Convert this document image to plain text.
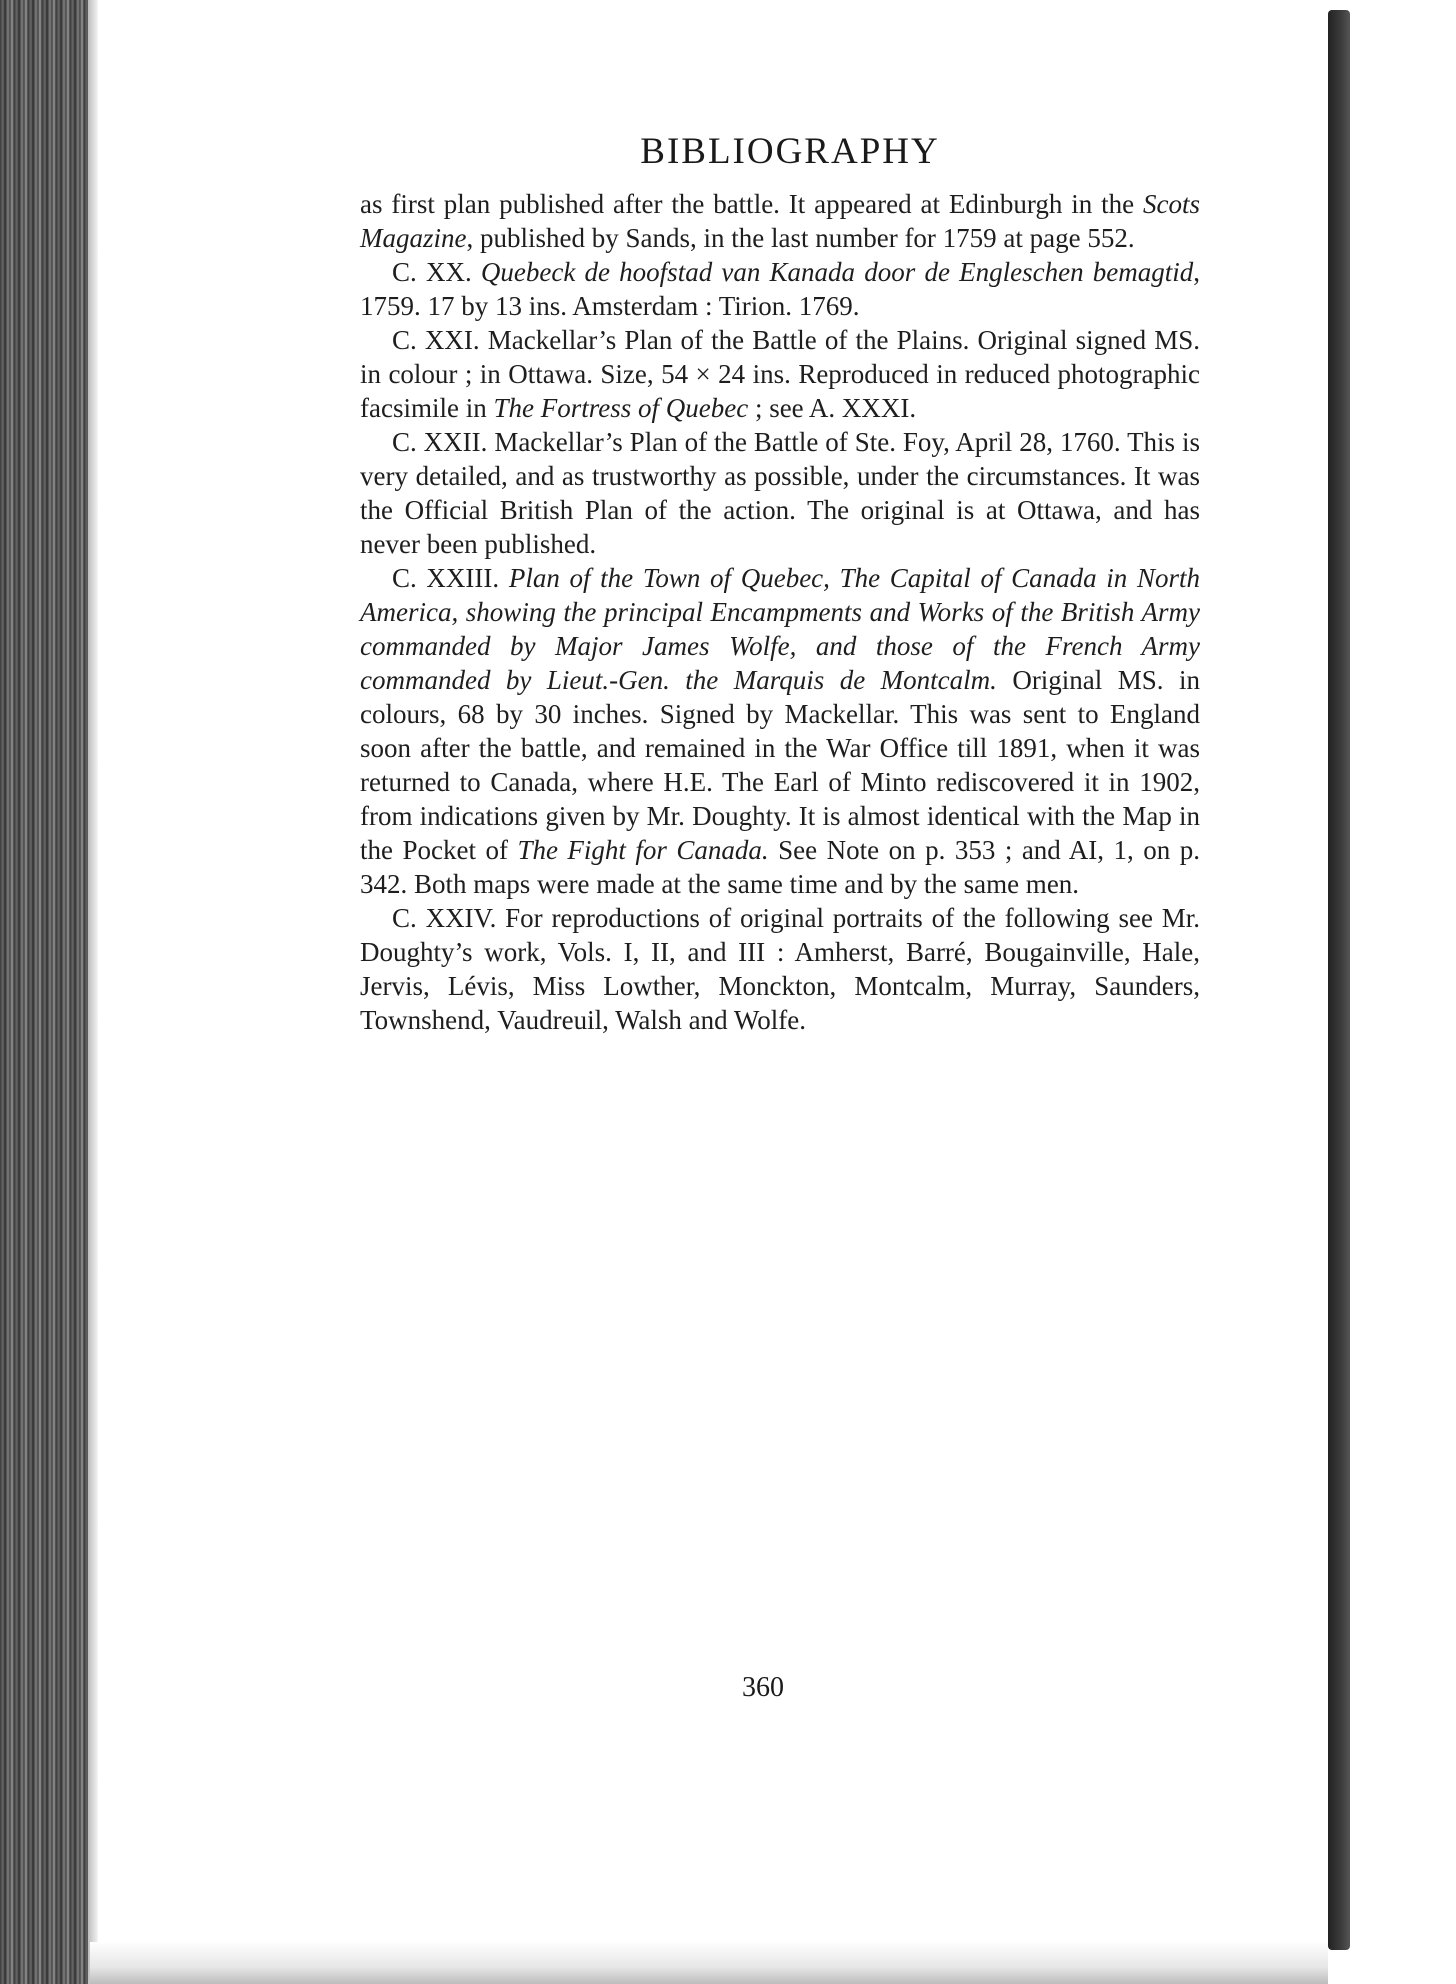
BIBLIOGRAPHY

as first plan published after the battle. It appeared at Edinburgh in the Scots Magazine, published by Sands, in the last number for 1759 at page 552.

C. XX. Quebeck de hoofstad van Kanada door de Engleschen bemagtid, 1759. 17 by 13 ins. Amsterdam : Tirion. 1769.

C. XXI. Mackellar’s Plan of the Battle of the Plains. Original signed MS. in colour ; in Ottawa. Size, 54 × 24 ins. Reproduced in reduced photographic facsimile in The Fortress of Quebec ; see A. XXXI.

C. XXII. Mackellar’s Plan of the Battle of Ste. Foy, April 28, 1760. This is very detailed, and as trustworthy as possible, under the circumstances. It was the Official British Plan of the action. The original is at Ottawa, and has never been published.

C. XXIII. Plan of the Town of Quebec, The Capital of Canada in North America, showing the principal Encampments and Works of the British Army commanded by Major James Wolfe, and those of the French Army commanded by Lieut.-Gen. the Marquis de Montcalm. Original MS. in colours, 68 by 30 inches. Signed by Mackellar. This was sent to England soon after the battle, and remained in the War Office till 1891, when it was returned to Canada, where H.E. The Earl of Minto rediscovered it in 1902, from indications given by Mr. Doughty. It is almost identical with the Map in the Pocket of The Fight for Canada. See Note on p. 353 ; and AI, 1, on p. 342. Both maps were made at the same time and by the same men.

C. XXIV. For reproductions of original portraits of the following see Mr. Doughty’s work, Vols. I, II, and III : Amherst, Barré, Bougainville, Hale, Jervis, Lévis, Miss Lowther, Monckton, Montcalm, Murray, Saunders, Townshend, Vaudreuil, Walsh and Wolfe.

360
